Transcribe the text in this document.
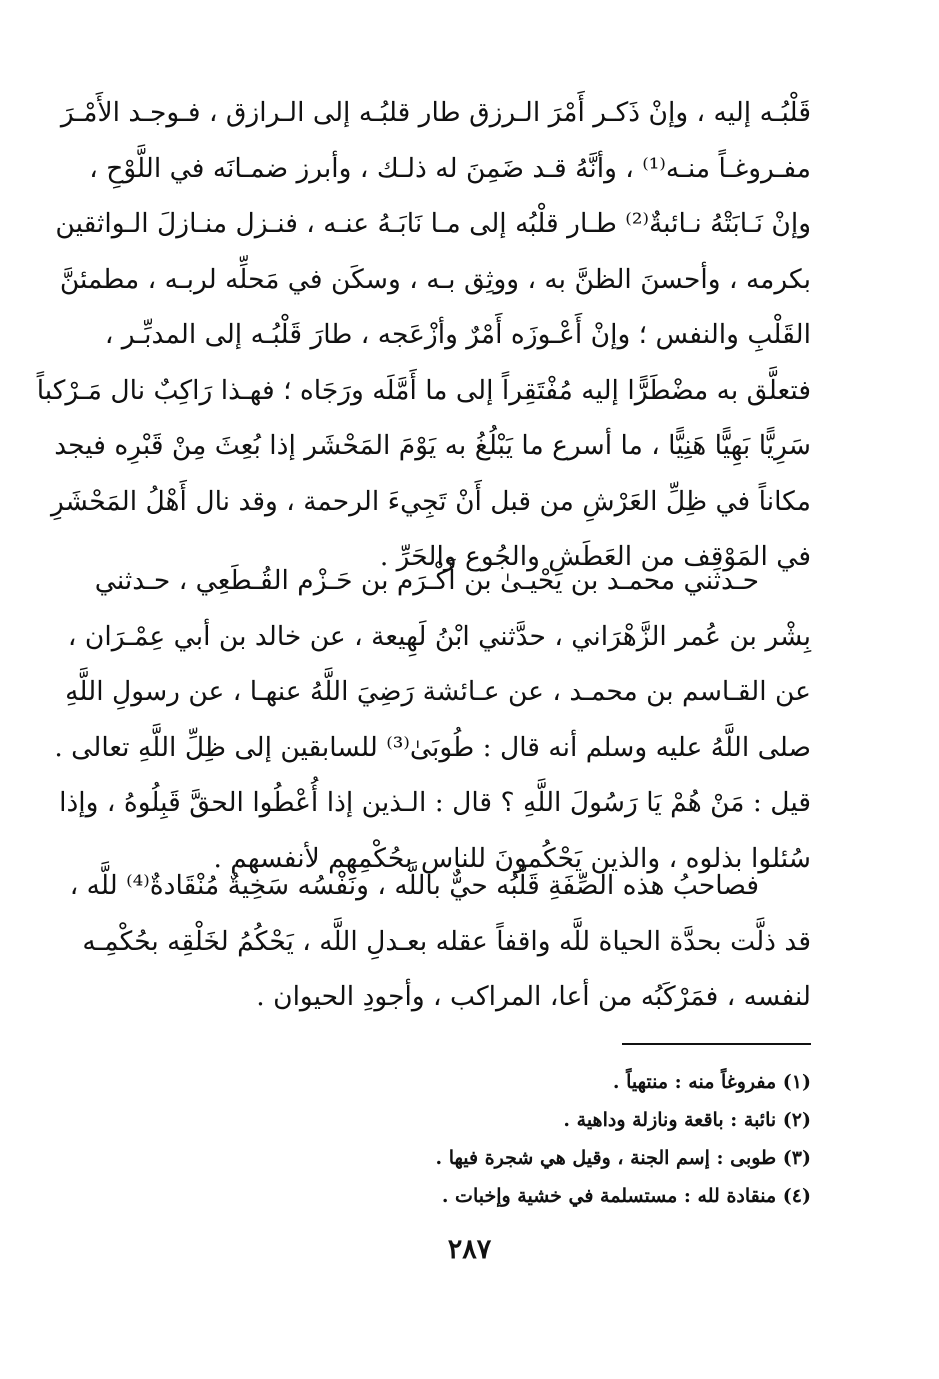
قَلْبُـه إليه ، وإنْ ذَكـر أَمْرَ الـرزق طار قلبُـه إلى الـرازق ، فـوجـد الأَمْـرَ
مفـروغـاً منـه⁽¹⁾ ، وأنَّهُ قـد ضَمِنَ له ذلـك ، وأبرز ضمـانَه في اللَّوْحِ ،
وإنْ نَـابَتْهُ نـائبةٌ⁽²⁾ طـار قلْبُه إلى مـا نَابَـهُ عنـه ، فنـزل منـازلَ الـواثقين
بكرمه ، وأحسنَ الظنَّ به ، ووثِق بـه ، وسكَن في مَحلِّه لربـه ، مطمئنَّ
القَلْبِ والنفس ؛ وإنْ أَعْـوزَه أَمْرٌ وأزْعَجه ، طارَ قَلْبُـه إلى المدبِّـر ،
فتعلَّق به مضْطَرًّا إليه مُفْتَقِراً إلى ما أَمَّلَه ورَجَاه ؛ فهـذا رَاكِبٌ نال مَـرْكباً
سَرِيًّا بَهِيًّا هَنِيًّا ، ما أسرع ما يَبْلُغُ به يَوْمَ المَحْشَر إذا بُعِثَ مِنْ قَبْرِه فيجد
مكاناً في ظِلِّ العَرْشِ من قبل أَنْ تَجِيءَ الرحمة ، وقد نال أَهْلُ المَحْشَرِ
في المَوْقِف من العَطَش والجُوع والحَرِّ .
حـدثني محمـد بن يَحْيـىٰ بن أَكْـرَم بن حَـزْم القُـطَعِي ، حـدثني
بِشْر بن عُمر الزَّهْرَاني ، حدَّثني ابْنُ لَهِيعة ، عن خالد بن أبي عِمْـرَان ،
عن القـاسم بن محمـد ، عن عـائشة رَضِيَ اللَّهُ عنهـا ، عن رسولِ اللَّهِ
صلى اللَّهُ عليه وسلم أنه قال : طُوبَىٰ⁽³⁾ للسابقين إلى ظِلِّ اللَّهِ تعالى .
قيل : مَنْ هُمْ يَا رَسُولَ اللَّهِ ؟ قال : الـذين إذا أُعْطُوا الحقَّ قَبِلُوهُ ، وإذا
سُئلوا بذلوه ، والذين يَحْكُمونَ للناس بحُكْمِهم لأنفسهم .
فصاحبُ هذه الصِّفَةِ قَلْبُه حيٌّ باللَّه ، ونَفْسُه سَخِيةٌ مُنْقَادةٌ⁽⁴⁾ للَّه ،
قد ذلَّت بحدَّة الحياة للَّه واقفاً عقله بعـدلِ اللَّه ، يَحْكُمُ لخَلْقِه بحُكْمِـه
لنفسه ، فمَرْكَبُه من أعا، المراكب ، وأجودِ الحيوان .
(١) مفروغاً منه : منتهياً .
(٢) نائبة : باقعة ونازلة وداهية .
(٣) طوبى : إسم الجنة ، وقيل هي شجرة فيها .
(٤) منقادة لله : مستسلمة في خشية وإخبات .
٢٨٧
